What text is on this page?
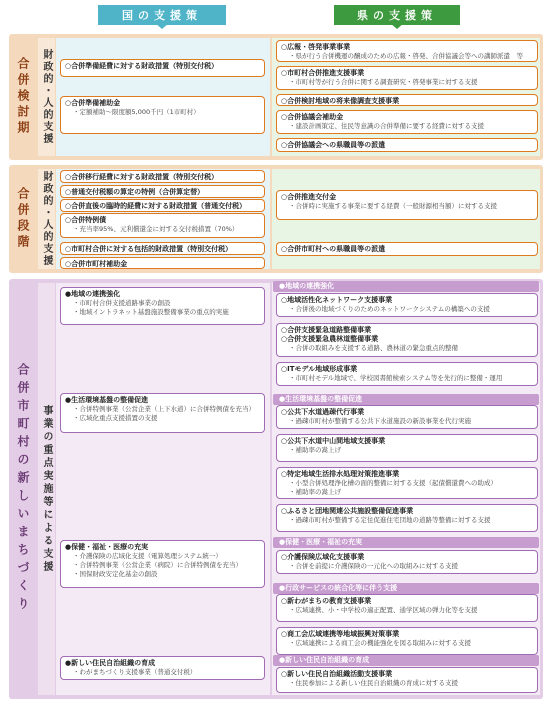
国の支援策	県の支援策
合併検討期
合併段階
合併市町村の新しいまちづくり
財政的・人的支援
財政的・人的支援
事業の重点実施等による支援
○合併準備経費に対する財政措置（特別交付税）
○合併準備補助金
・定額補助～限度額5,000千円（1市町村）
○広報・啓発事業事業
・県が行う合併機運の醸成のための広報・啓発、合併協議会等への講師派遣　等
○市町村合併推進支援事業
・市町村等が行う合併に関する調査研究・啓発事業に対する支援
○合併検討地域の将来像調査支援事業
○合併協議会補助金
・建設計画策定、住民等意識の合併準備に要する経費に対する支援
○合併協議会への県職員等の派遣
○合併移行経費に対する財政措置（特別交付税）
○普通交付税額の算定の特例（合併算定替）
○合併直後の臨時的経費に対する財政措置（普通交付税）
○合併特例債
・充当率95%、元利償還金に対する交付税措置（70%）
○市町村合併に対する包括的財政措置（特別交付税）
○合併市町村補助金
○合併推進交付金
・合併時に実施する事業に要する経費（一般財源相当額）に対する支援
○合併市町村への県職員等の派遣
●地域の連携強化
・市町村合併支援道路事業の創設
・地域イントラネット基盤施設整備事業の重点的実施
●生活環境基盤の整備促進
・合併特例事業（公営企業（上下水道）に合併特例債を充当）
・広域化重点支援措置の支援
●保健・福祉・医療の充実
・介護保険の広域化支援（電算処理システム統一）
・合併特例事業（公営企業（病院）に合併特例債を充当）
・国保財政安定化基金の創設
●新しい住民自治組織の育成
・わがまちづくり支援事業（普通交付税）
○地域活性化ネットワーク支援事業
・合併後の地域づくりのためのネットワークシステムの構築への支援
○合併支援緊急道路整備事業
○合併支援緊急農林道整備事業
・合併の取組みを支援する道路、農林道の緊急重点的整備
○ITモデル地域形成事業
・市町村モデル地域で、学校図書館検索システム等を先行的に整備・運用
○公共下水道過疎代行事業
・過疎市町村が整備する公共下水道施設の新設事業を代行実施
○公共下水道中山間地域支援事業
・補助率の嵩上げ
○特定地域生活排水処理対策推進事業
・小型合併処理浄化槽の面的整備に対する支援（起債償還費への助成）
・補助率の嵩上げ
○ふるさと団地関連公共施設整備促進事業
・過疎市町村が整備する定住促進住宅団地の道路等整備に対する支援
○介護保険広域化支援事業
・合併を前提に介護保険の一元化への取組みに対する支援
○新わがまちの教育支援事業
・広域連携、小・中学校の適正配置、通学区域の弾力化等を支援
○商工会広域連携等地域振興対策事業
・広域連携による商工会の機能強化を図る取組みに対する支援
○新しい住民自治組織活動支援事業
・住民参加による新しい住民自治組織の育成に対する支援
●地域の連携強化
●生活環境基盤の整備促進
●保健・医療・福祉の充実
●行政サービスの統合化等に伴う支援
●新しい住民自治組織の育成
